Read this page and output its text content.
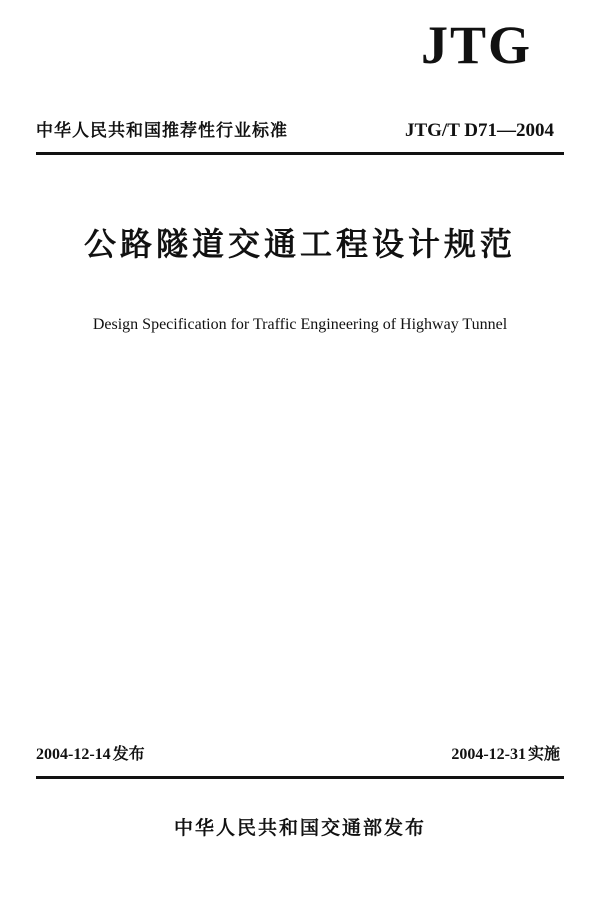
JTG
中华人民共和国推荐性行业标准	JTG/T D71—2004
公路隧道交通工程设计规范
Design Specification for Traffic Engineering of Highway Tunnel
2004-12-14 发布	2004-12-31 实施
中华人民共和国交通部发布
